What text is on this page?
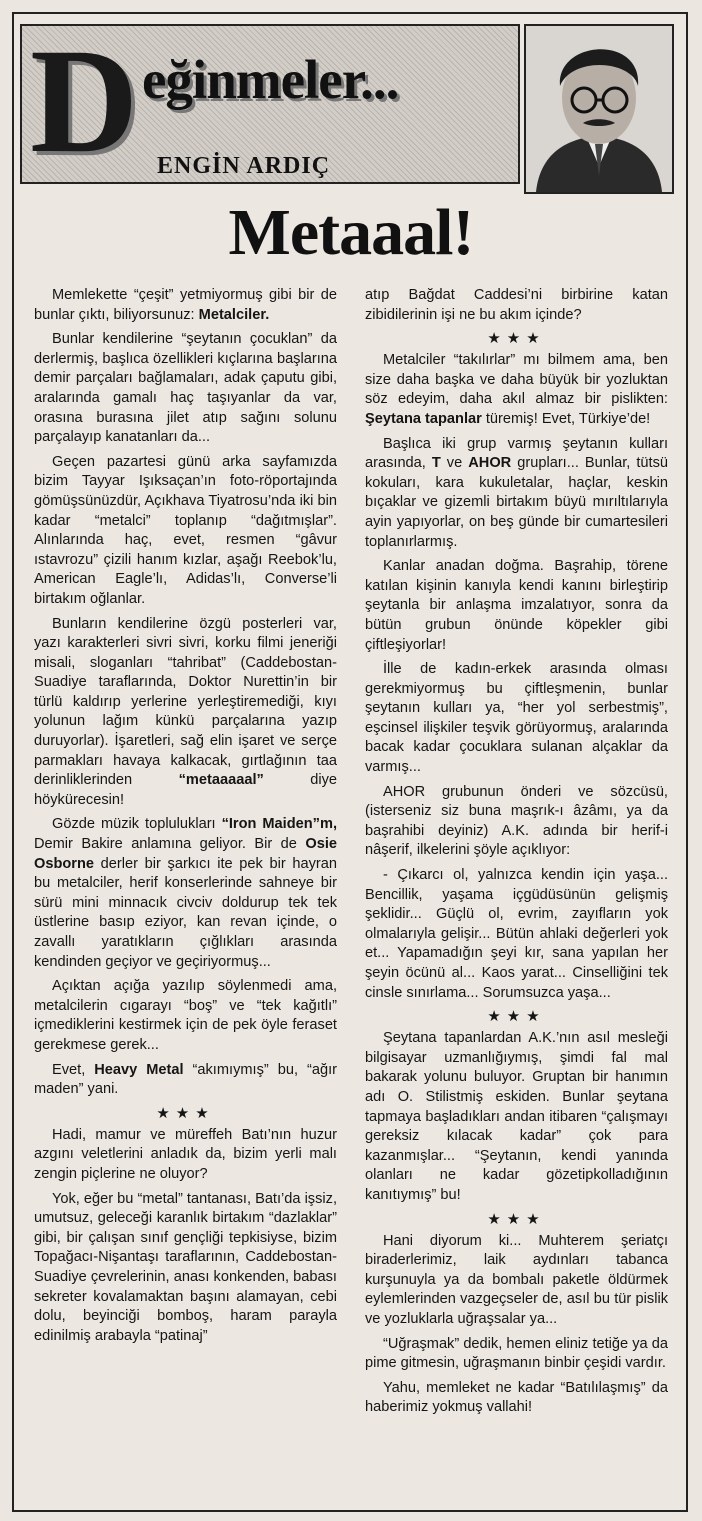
D eğinmeler...
ENGİN ARDIÇ
Metaaal!

Memlekette “çeşit” yetmiyormuş gibi bir de bunlar çıktı, biliyorsunuz: Metalciler.

Bunlar kendilerine “şeytanın çocuklan” da derlermiş, başlıca özellikleri kıçlarına başlarına demir parçaları bağlamaları, adak çaputu gibi, aralarında gamalı haç taşıyanlar da var, orasına burasına jilet atıp sağını solunu parçalayıp kanatanları da...

Geçen pazartesi günü arka sayfamızda bizim Tayyar Işıksaçan’ın foto-röportajında gömüşsünüzdür, Açıkhava Tiyatrosu’nda iki bin kadar “metalci” toplanıp “dağıtmışlar”. Alınlarında haç, evet, resmen “gâvur ıstavrozu” çizili hanım kızlar, aşağı Reebok’lu, American Eagle’lı, Adidas’lı, Converse’li birtakım oğlanlar.

Bunların kendilerine özgü posterleri var, yazı karakterleri sivri sivri, korku filmi jeneriği misali, sloganları “tahribat” (Caddebostan-Suadiye taraflarında, Doktor Nurettin’in bir türlü kaldırıp yerlerine yerleştiremediği, kıyı yolunun lağım künkü parçalarına yazıp duruyorlar). İşaretleri, sağ elin işaret ve serçe parmakları havaya kalkacak, gırtlağının taa derinliklerinden “metaaaaal” diye höykürecesin!

Gözde müzik toplulukları “Iron Maiden”m, Demir Bakire anlamına geliyor. Bir de Osie Osborne derler bir şarkıcı ite pek bir hayran bu metalciler, herif konserlerinde sahneye bir sürü mini minnacık civciv doldurup tek tek üstlerine basıp eziyor, kan revan içinde, o zavallı yaratıkların çığlıkları arasında kendinden geçiyor ve geçiriyormuş...

Açıktan açığa yazılıp söylenmedi ama, metalcilerin cıgarayı “boş” ve “tek kağıtlı” içmediklerini kestirmek için de pek öyle feraset gerekmese gerek...

Evet, Heavy Metal “akımıymış” bu, “ağır maden” yani.

★★★

Hadi, mamur ve müreffeh Batı’nın huzur azgını veletlerini anladık da, bizim yerli malı zengin piçlerine ne oluyor?

Yok, eğer bu “metal” tantanası, Batı’da işsiz, umutsuz, geleceği karanlık birtakım “dazlaklar” gibi, bir çalışan sınıf gençliği tepkisiyse, bizim Topağacı-Nişantaşı taraflarının, Caddebostan-Suadiye çevrelerinin, anası konkenden, babası sekreter kovalamaktan başını alamayan, cebi dolu, beyinciği bomboş, haram parayla edinilmiş arabayla “patinaj”

atıp Bağdat Caddesi’ni birbirine katan zibidilerinin işi ne bu akım içinde?

★★★

Metalciler “takılırlar” mı bilmem ama, ben size daha başka ve daha büyük bir yozluktan söz edeyim, daha akıl almaz bir pislikten: Şeytana tapanlar türemiş! Evet, Türkiye’de!

Başlıca iki grup varmış şeytanın kulları arasında, T ve AHOR grupları... Bunlar, tütsü kokuları, kara kukuletalar, haçlar, keskin bıçaklar ve gizemli birtakım büyü mırıltılarıyla ayin yapıyorlar, on beş günde bir cumartesileri toplanırlarmış.

Kanlar anadan doğma. Başrahip, törene katılan kişinin kanıyla kendi kanını birleştirip şeytanla bir anlaşma imzalatıyor, sonra da bütün grubun önünde köpekler gibi çiftleşiyorlar!

İlle de kadın-erkek arasında olması gerekmiyormuş bu çiftleşmenin, bunlar şeytanın kulları ya, “her yol serbestmiş”, eşcinsel ilişkiler teşvik görüyormuş, aralarında bacak kadar çocuklara sulanan alçaklar da varmış...

AHOR grubunun önderi ve sözcüsü, (isterseniz siz buna maşrık-ı âzâmı, ya da başrahibi deyiniz) A.K. adında bir herif-i nâşerif, ilkelerini şöyle açıklıyor:

- Çıkarcı ol, yalnızca kendin için yaşa... Bencillik, yaşama içgüdüsünün gelişmiş şeklidir... Güçlü ol, evrim, zayıfların yok olmalarıyla gelişir... Bütün ahlaki değerleri yok et... Yapamadığın şeyi kır, sana yapılan her şeyin öcünü al... Kaos yarat... Cinselliğini tek cinsle sınırlama... Sorumsuzca yaşa...

★★★

Şeytana tapanlardan A.K.’nın asıl mesleği bilgisayar uzmanlığıymış, şimdi fal mal bakarak yolunu buluyor. Gruptan bir hanımın adı O. Stilistmiş eskiden. Bunlar şeytana tapmaya başladıkları andan itibaren “çalışmayı gereksiz kılacak kadar” çok para kazanmışlar... “Şeytanın, kendi yanında olanları ne kadar gözetipkolladığının kanıtıymış” bu!

★★★

Hani diyorum ki... Muhterem şeriatçı biraderlerimiz, laik aydınları tabanca kurşunuyla ya da bombalı paketle öldürmek eylemlerinden vazgeçseler de, asıl bu tür pislik ve yozluklarla uğraşsalar ya...

“Uğraşmak” dedik, hemen eliniz tetiğe ya da pime gitmesin, uğraşmanın binbir çeşidi vardır.

Yahu, memleket ne kadar “Batılılaşmış” da haberimiz yokmuş vallahi!
